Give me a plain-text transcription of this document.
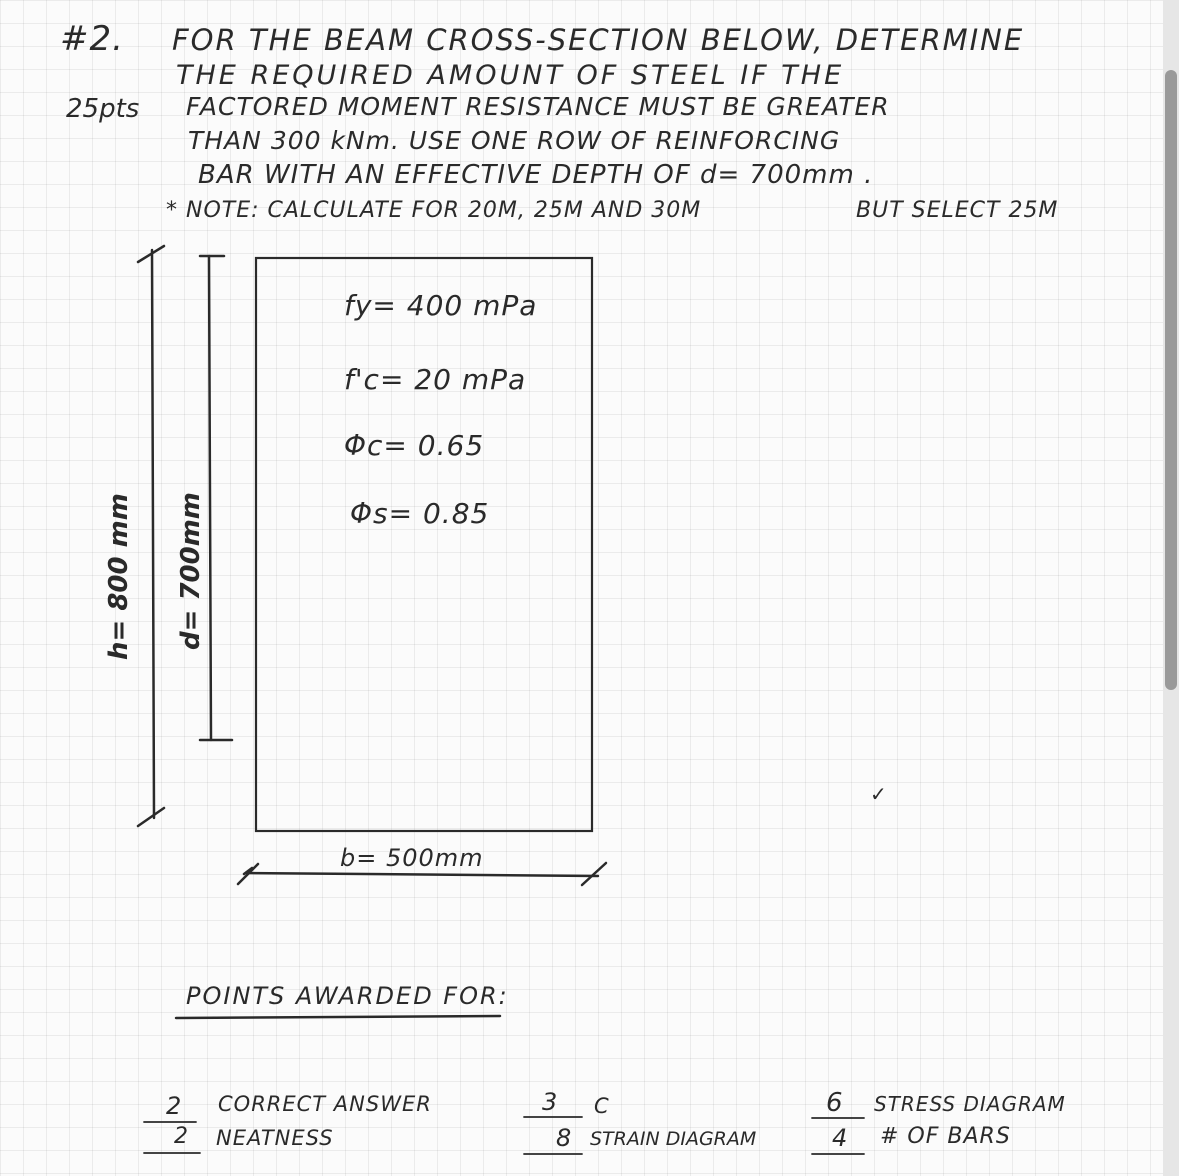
#2. FOR THE BEAM CROSS-SECTION BELOW, DETERMINE
THE REQUIRED AMOUNT OF STEEL IF THE
25pts FACTORED MOMENT RESISTANCE MUST BE GREATER
THAN 300 kNm. USE ONE ROW OF REINFORCING
BAR WITH AN EFFECTIVE DEPTH OF d= 700mm .
* NOTE: CALCULATE FOR 20M, 25M AND 30M	BUT SELECT 25M
fy= 400 mPa
f'c= 20 mPa
Φc= 0.65
Φs= 0.85
h= 800 mm d= 700mm
b= 500mm
✓
POINTS AWARDED FOR:
2 CORRECT ANSWER
2 NEATNESS
3 C
8 STRAIN DIAGRAM
6 STRESS DIAGRAM
4 # OF BARS
